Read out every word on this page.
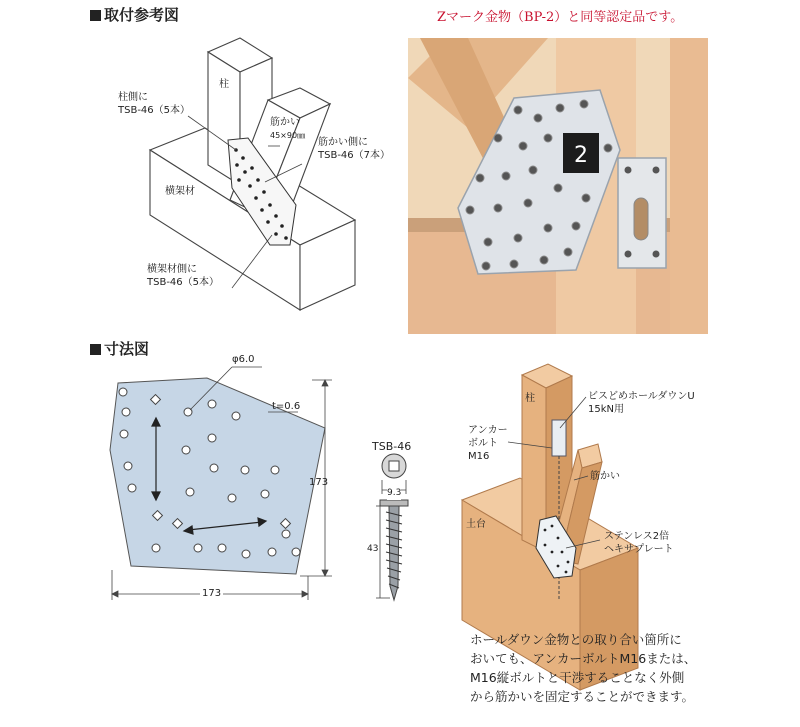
取付参考図	Zマーク金物（BP-2）と同等認定品です。
寸法図
柱
柱側に
TSB-46（5本）
筋かい
45×90㎜
筋かい側に
TSB-46（7本）
横架材
横架材側に
TSB-46（5本）
2
φ6.0
t=0.6
173
173
TSB-46
9.3
43
柱	ビスどめホールダウンU
15kN用
アンカー
ボルト
M16
筋かい
土台
ステンレス2倍
ヘキサプレート
ホールダウン金物との取り合い箇所に
おいても、アンカーボルトM16または、
M16縦ボルトと干渉することなく外側
から筋かいを固定することができます。
